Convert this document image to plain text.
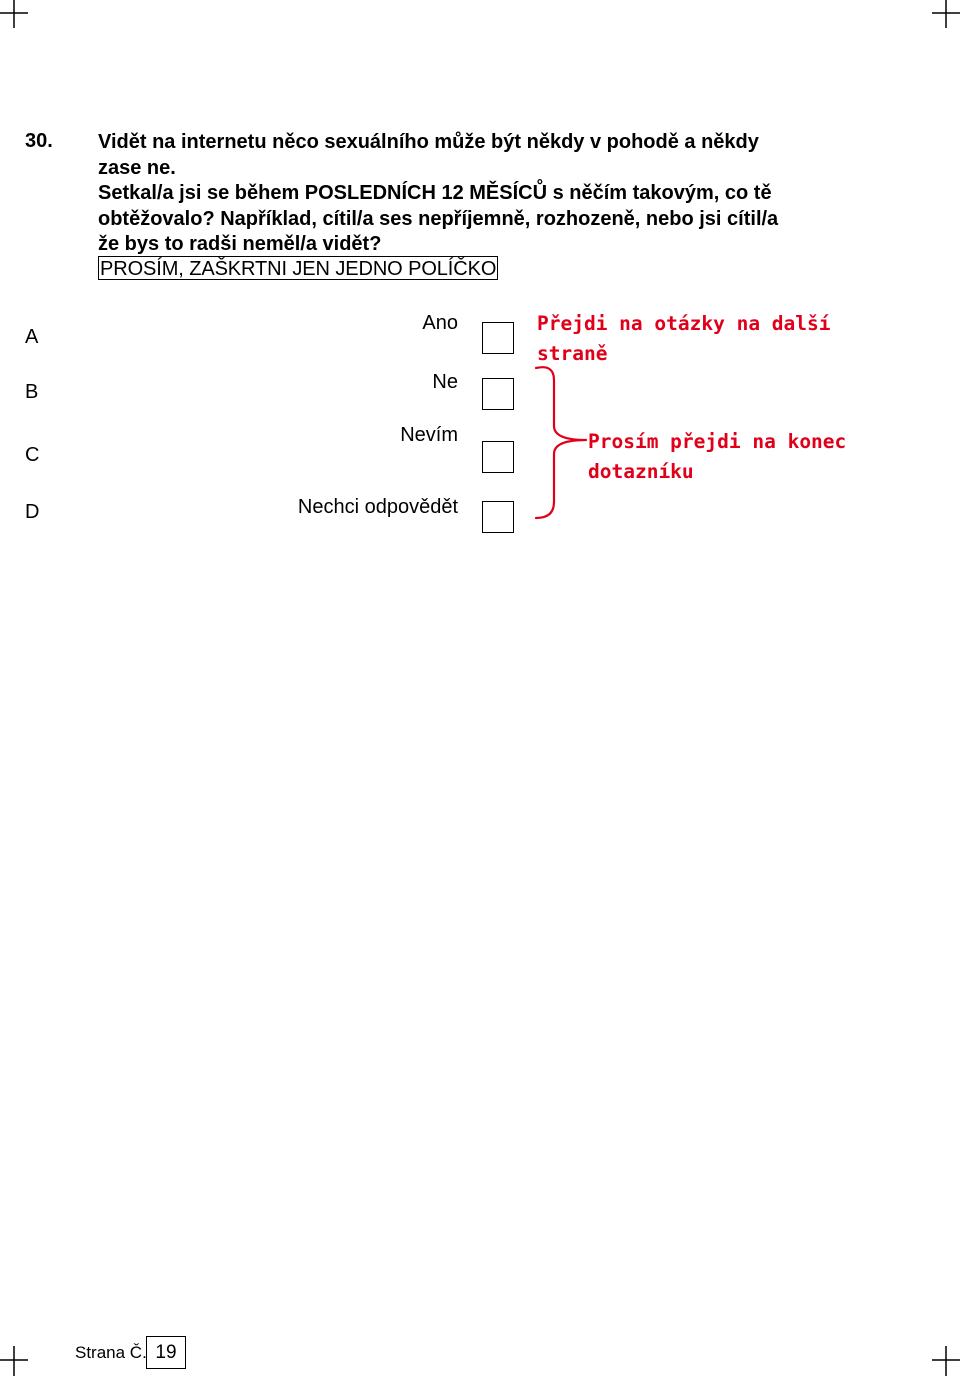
30. Vidět na internetu něco sexuálního může být někdy v pohodě a někdy
zase ne.
Setkal/a jsi se během POSLEDNÍCH 12 MĚSÍCŮ s něčím takovým, co tě
obtěžovalo? Například, cítil/a ses nepříjemně, rozhozeně, nebo jsi cítil/a
že bys to radši neměl/a vidět?
PROSÍM, ZAŠKRTNI JEN JEDNO POLÍČKO
A
Ano
B	Ne
C
Nevím
D	Nechci odpovědět
Přejdi na otázky na další
straně
Prosím přejdi na konec
dotazníku
Strana Č. 19
